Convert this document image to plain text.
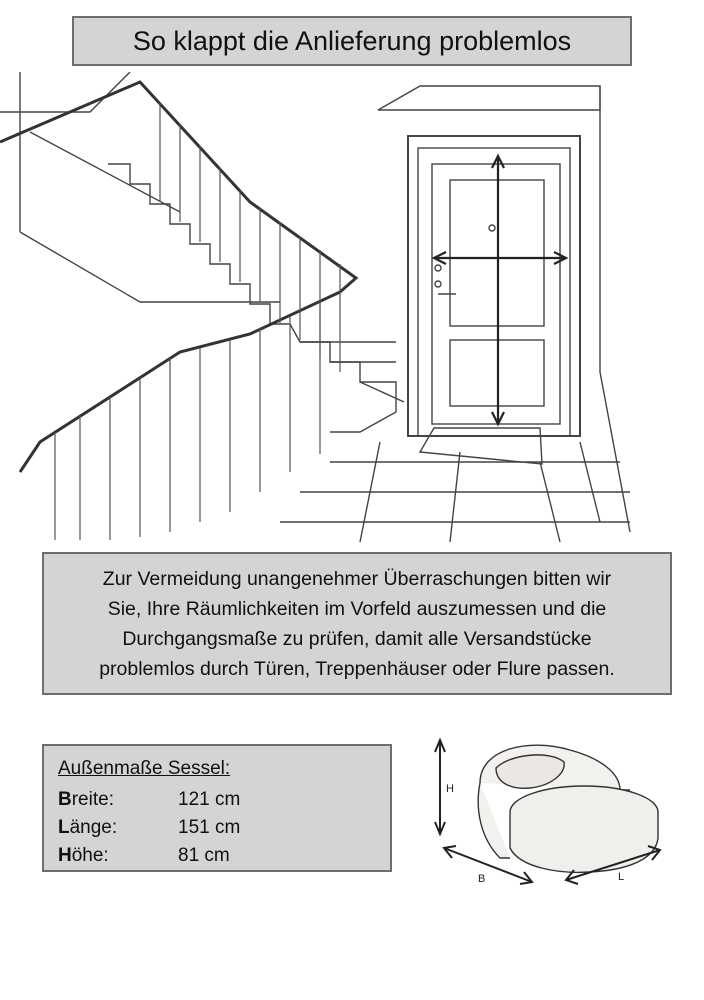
So klappt die Anlieferung problemlos
Zur Vermeidung unangenehmer Überraschungen bitten wir
Sie, Ihre Räumlichkeiten im Vorfeld auszumessen und die
Durchgangsmaße zu prüfen, damit alle Versandstücke
problemlos durch Türen, Treppenhäuser oder Flure passen.
Außenmaße Sessel:
Breite:	121 cm
Länge:	151 cm
Höhe:	81 cm
H
B	L
